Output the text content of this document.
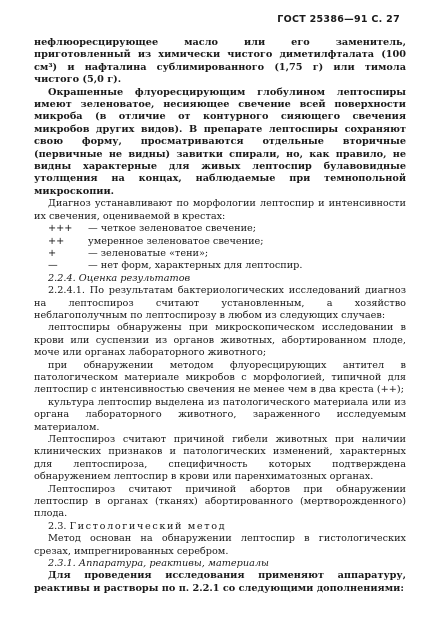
ГОСТ 25386—91 С. 27

нефлюоресцирующее масло или его заменитель, приготовленный из химически чистого диметилфталата (100 см³) и нафталина сублимированного (1,75 г) или тимола чистого (5,0 г).

Окрашенные флуоресцирующим глобулином лептоспиры имеют зеленоватое, несияющее свечение всей поверхности микроба (в отличие от контурного сияющего свечения микробов других видов). В препарате лептоспиры сохраняют свою форму, просматриваются отдельные вторичные (первичные не видны) завитки спирали, но, как правило, не видны характерные для живых лептоспир булавовидные утолщения на концах, наблюдаемые при темнопольной микроскопии.

Диагноз устанавливают по морфологии лептоспир и интенсивности их свечения, оцениваемой в крестах:

+++ — четкое зеленоватое свечение;
++ умеренное зеленоватое свечение;
+	— зеленоватые «тени»;
—	— нет форм, характерных для лептоспир.

2.2.4. Оценка результатов

2.2.4.1. По результатам бактериологических исследований диагноз на лептоспироз считают установленным, а хозяйство неблагополучным по лептоспирозу в любом из следующих случаев:

лептоспиры обнаружены при микроскопическом исследовании в крови или суспензии из органов животных, абортированном плоде, моче или органах лабораторного животного;

при обнаружении методом флуоресцирующих антител в патологическом материале микробов с морфологией, типичной для лептоспир с интенсивностью свечения не менее чем в два креста (++);

культура лептоспир выделена из патологического материала или из органа лабораторного животного, зараженного исследуемым материалом.

Лептоспироз считают причиной гибели животных при наличии клинических признаков и патологических изменений, характерных для лептоспироза, специфичность которых подтверждена обнаружением лептоспир в крови или паренхиматозных органах.

Лептоспироз считают причиной абортов при обнаружении лептоспир в органах (тканях) абортированного (мертворожденного) плода.

2.3. Гистологический метод

Метод основан на обнаружении лептоспир в гистологических срезах, импрегнированных серебром.

2.3.1. Аппаратура, реактивы, материалы

Для проведения исследования применяют аппаратуру, реактивы и растворы по п. 2.2.1 со следующими дополнениями:
